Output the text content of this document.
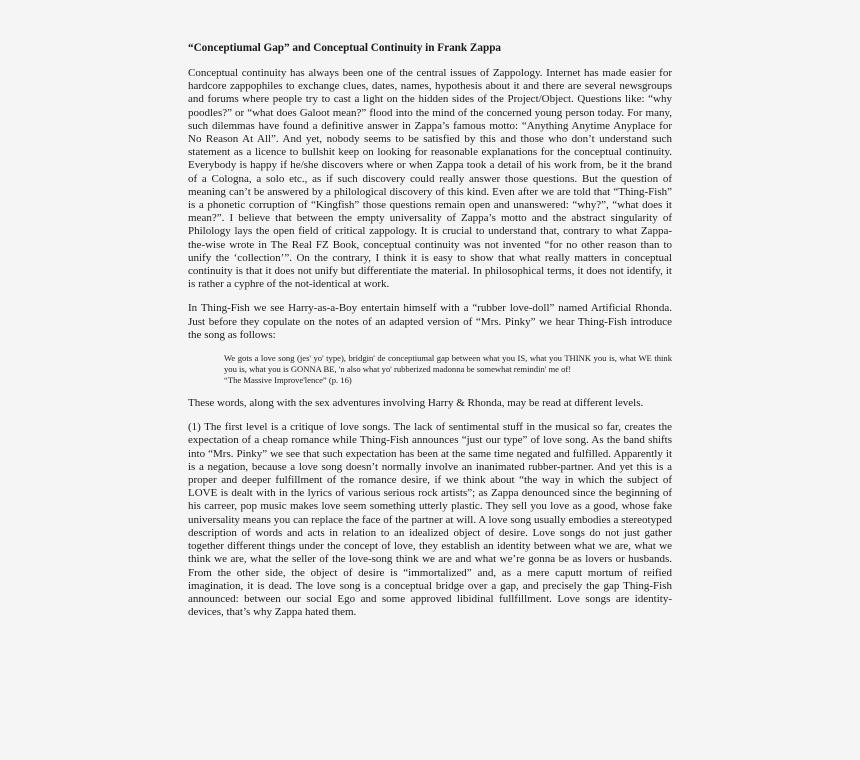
“Conceptiumal Gap” and Conceptual Continuity in Frank Zappa

Conceptual continuity has always been one of the central issues of Zappology. Internet has made easier for hardcore zappophiles to exchange clues, dates, names, hypothesis about it and there are several newsgroups and forums where people try to cast a light on the hidden sides of the Project/Object. Questions like: “why poodles?” or “what does Galoot mean?” flood into the mind of the concerned young person today. For many, such dilemmas have found a definitive answer in Zappa’s famous motto: “Anything Anytime Anyplace for No Reason At All”. And yet, nobody seems to be satisfied by this and those who don’t understand such statement as a licence to bullshit keep on looking for reasonable explanations for the conceptual continuity. Everybody is happy if he/she discovers where or when Zappa took a detail of his work from, be it the brand of a Cologna, a solo etc., as if such discovery could really answer those questions. But the question of meaning can’t be answered by a philological discovery of this kind. Even after we are told that “Thing-Fish” is a phonetic corruption of “Kingfish” those questions remain open and unanswered: “why?”, “what does it mean?”. I believe that between the empty universality of Zappa’s motto and the abstract singularity of Philology lays the open field of critical zappology. It is crucial to understand that, contrary to what Zappa-the-wise wrote in The Real FZ Book, conceptual continuity was not invented “for no other reason than to unify the ‘collection’”. On the contrary, I think it is easy to show that what really matters in conceptual continuity is that it does not unify but differentiate the material. In philosophical terms, it does not identify, it is rather a cyphre of the not-identical at work.

In Thing-Fish we see Harry-as-a-Boy entertain himself with a “rubber love-doll” named Artificial Rhonda. Just before they copulate on the notes of an adapted version of “Mrs. Pinky” we hear Thing-Fish introduce the song as follows:

We gots a love song (jes' yo' type), bridgin' de conceptiumal gap between what you IS, what you THINK you is, what WE think you is, what you is GONNA BE, 'n also what yo' rubberized madonna be somewhat remindin' me of!
“The Massive Improve'lence” (p. 16)

These words, along with the sex adventures involving Harry & Rhonda, may be read at different levels.

(1) The first level is a critique of love songs. The lack of sentimental stuff in the musical so far, creates the expectation of a cheap romance while Thing-Fish announces “just our type” of love song. As the band shifts into “Mrs. Pinky” we see that such expectation has been at the same time negated and fulfilled. Apparently it is a negation, because a love song doesn’t normally involve an inanimated rubber-partner. And yet this is a proper and deeper fulfillment of the romance desire, if we think about “the way in which the subject of LOVE is dealt with in the lyrics of various serious rock artists”; as Zappa denounced since the beginning of his carreer, pop music makes love seem something utterly plastic. They sell you love as a good, whose fake universality means you can replace the face of the partner at will. A love song usually embodies a stereotyped description of words and acts in relation to an idealized object of desire. Love songs do not just gather together different things under the concept of love, they establish an identity between what we are, what we think we are, what the seller of the love-song think we are and what we’re gonna be as lovers or husbands. From the other side, the object of desire is “immortalized” and, as a mere caputt mortum of reified imagination, it is dead. The love song is a conceptual bridge over a gap, and precisely the gap Thing-Fish announced: between our social Ego and some approved libidinal fullfillment. Love songs are identity-devices, that’s why Zappa hated them.
